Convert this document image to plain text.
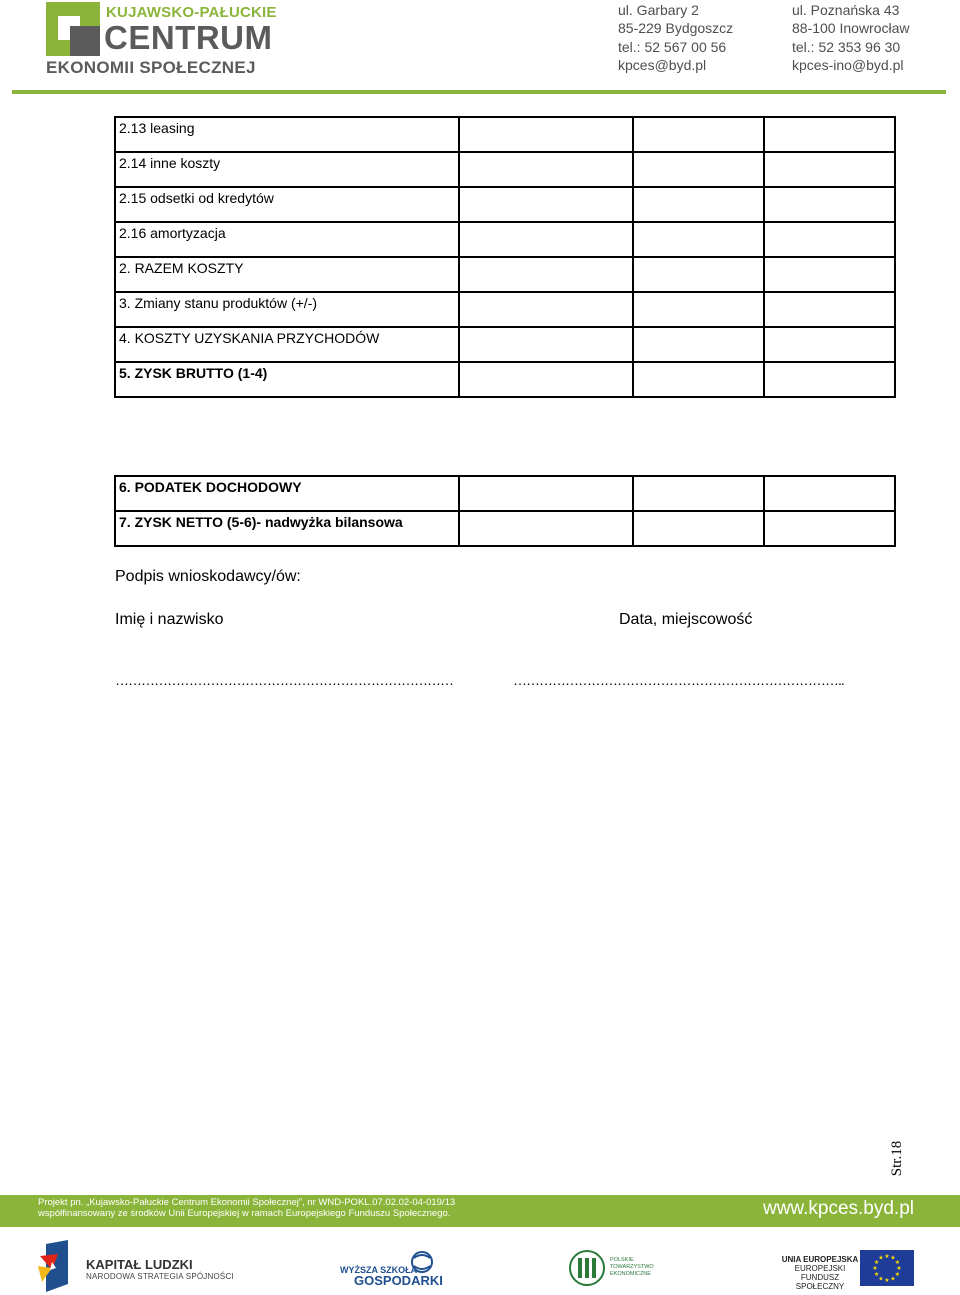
KUJAWSKO-PAŁUCKIE
CENTRUM
EKONOMII SPOŁECZNEJ
ul. Garbary 2
85-229 Bydgoszcz
tel.: 52 567 00 56
kpces@byd.pl
ul. Poznańska 43
88-100 Inowrocław
tel.: 52 353 96 30
kpces-ino@byd.pl
2.13 leasing			
2.14 inne koszty			
2.15 odsetki od kredytów			
2.16 amortyzacja			
2. RAZEM KOSZTY			
3. Zmiany stanu produktów (+/-)			
4. KOSZTY UZYSKANIA PRZYCHODÓW			
5. ZYSK BRUTTO (1-4)			
6. PODATEK DOCHODOWY			
7. ZYSK NETTO (5-6)- nadwyżka bilansowa			
Podpis wnioskodawcy/ów:
Imię i nazwisko	Data, miejscowość
……………………………………………………………………	…………………………………………………………………..
Str.18
Projekt pn. „Kujawsko-Pałuckie Centrum Ekonomii Społecznej”, nr WND-POKL.07.02.02-04-019/13
współfinansowany ze środków Unii Europejskiej w ramach Europejskiego Funduszu Społecznego.	www.kpces.byd.pl
KAPITAŁ LUDZKI
NARODOWA STRATEGIA SPÓJNOŚCI
WYŻSZA SZKOŁA
GOSPODARKI
POLSKIE
TOWARZYSTWO
EKONOMICZNE
UNIA EUROPEJSKA
EUROPEJSKI
FUNDUSZ SPOŁECZNY
★ ★
★
★
★
★
★
★
★
★
★
★
